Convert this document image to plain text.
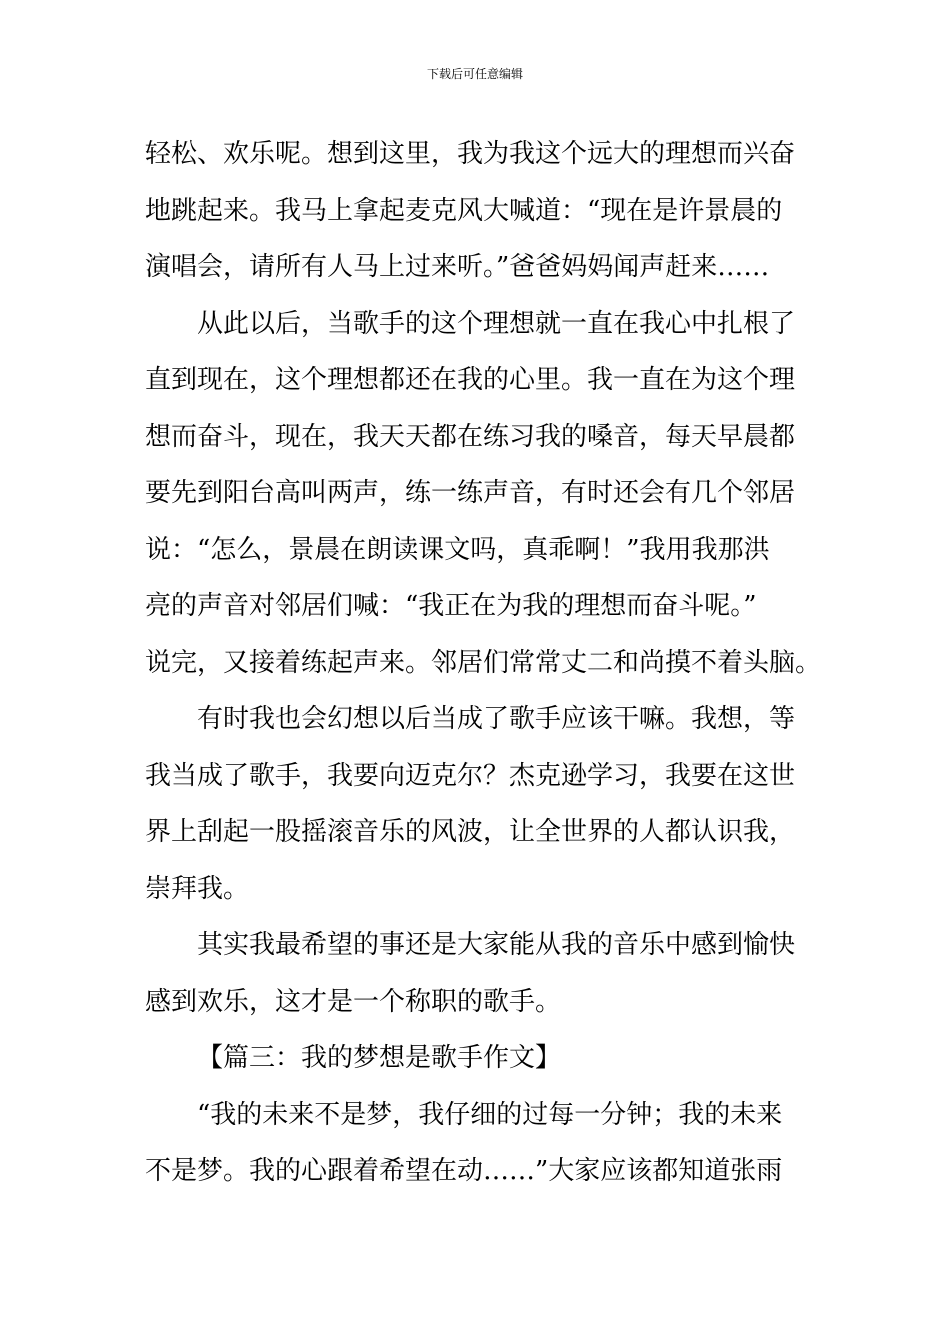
下载后可任意编辑
轻松、欢乐呢。想到这里，我为我这个远大的理想而兴奋
地跳起来。我马上拿起麦克风大喊道：“现在是许景晨的
演唱会，请所有人马上过来听。”爸爸妈妈闻声赶来……
从此以后，当歌手的这个理想就一直在我心中扎根了
直到现在，这个理想都还在我的心里。我一直在为这个理
想而奋斗，现在，我天天都在练习我的嗓音，每天早晨都
要先到阳台高叫两声，练一练声音，有时还会有几个邻居
说：“怎么，景晨在朗读课文吗，真乖啊！”我用我那洪
亮的声音对邻居们喊：“我正在为我的理想而奋斗呢。”
说完，又接着练起声来。邻居们常常丈二和尚摸不着头脑。
有时我也会幻想以后当成了歌手应该干嘛。我想，等
我当成了歌手，我要向迈克尔？杰克逊学习，我要在这世
界上刮起一股摇滚音乐的风波，让全世界的人都认识我，
崇拜我。
其实我最希望的事还是大家能从我的音乐中感到愉快
感到欢乐，这才是一个称职的歌手。
【篇三：我的梦想是歌手作文】
“我的未来不是梦，我仔细的过每一分钟；我的未来
不是梦。我的心跟着希望在动……”大家应该都知道张雨
